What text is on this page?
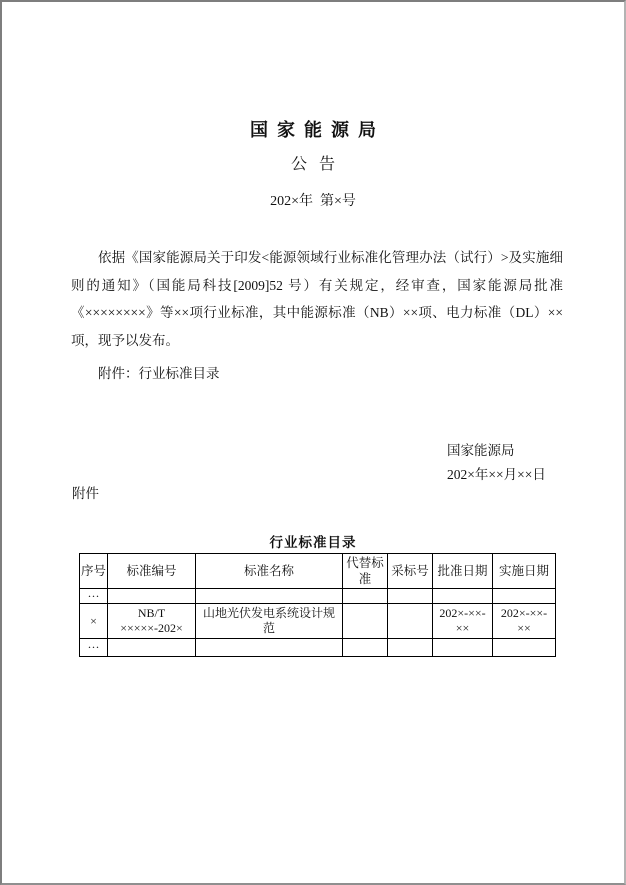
国家能源局
公告
202×年 第×号

依据《国家能源局关于印发<能源领域行业标准化管理办法（试行）>及实施细则的通知》（国能局科技[2009]52 号）有关规定，经审查，国家能源局批准《××××××××》等××项行业标准，其中能源标准（NB）××项、电力标准（DL）××项，现予以发布。

附件：行业标准目录
国家能源局
202×年××月××日
附件
行业标准目录
序号	标准编号	标准名称	代替标准	采标号	批准日期	实施日期
···						
×	NB/T ×××××-202×	山地光伏发电系统设计规范			202×-××-××	202×-××-××
···						
